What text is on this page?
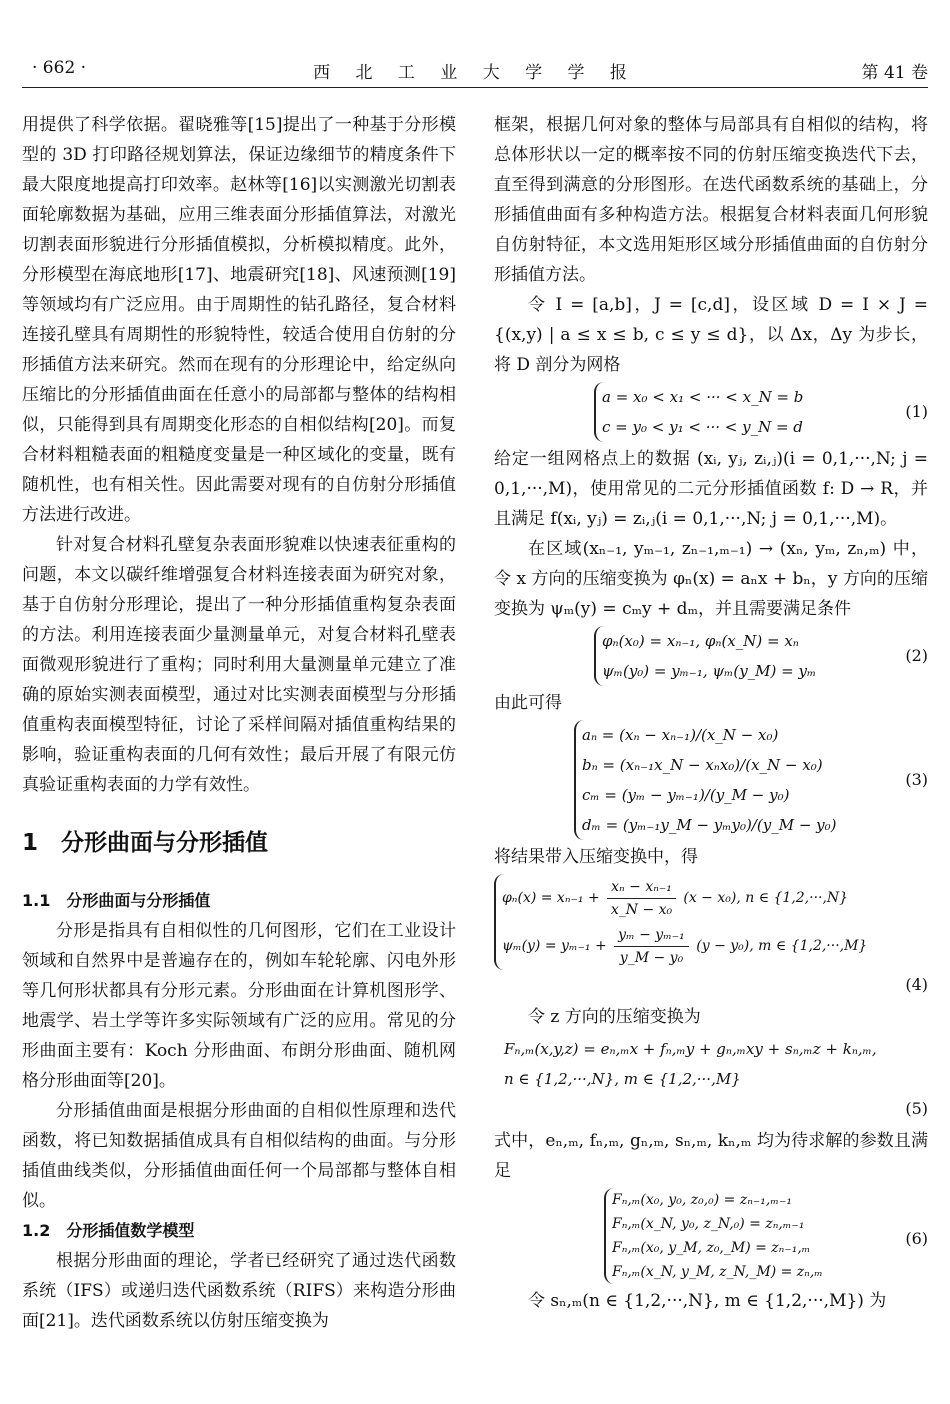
· 662 ·	西 北 工 业 大 学 学 报	第 41 卷

用提供了科学依据。翟晓雅等[15]提出了一种基于分形模型的 3D 打印路径规划算法，保证边缘细节的精度条件下最大限度地提高打印效率。赵林等[16]以实测激光切割表面轮廓数据为基础，应用三维表面分形插值算法，对激光切割表面形貌进行分形插值模拟，分析模拟精度。此外，分形模型在海底地形[17]、地震研究[18]、风速预测[19]等领域均有广泛应用。由于周期性的钻孔路径，复合材料连接孔壁具有周期性的形貌特性，较适合使用自仿射的分形插值方法来研究。然而在现有的分形理论中，给定纵向压缩比的分形插值曲面在任意小的局部都与整体的结构相似，只能得到具有周期变化形态的自相似结构[20]。而复合材料粗糙表面的粗糙度变量是一种区域化的变量，既有随机性，也有相关性。因此需要对现有的自仿射分形插值方法进行改进。

针对复合材料孔壁复杂表面形貌难以快速表征重构的问题，本文以碳纤维增强复合材料连接表面为研究对象，基于自仿射分形理论，提出了一种分形插值重构复杂表面的方法。利用连接表面少量测量单元，对复合材料孔壁表面微观形貌进行了重构；同时利用大量测量单元建立了准确的原始实测表面模型，通过对比实测表面模型与分形插值重构表面模型特征，讨论了采样间隔对插值重构结果的影响，验证重构表面的几何有效性；最后开展了有限元仿真验证重构表面的力学有效性。

1　分形曲面与分形插值
1.1　分形曲面与分形插值

分形是指具有自相似性的几何图形，它们在工业设计领域和自然界中是普遍存在的，例如车轮轮廓、闪电外形等几何形状都具有分形元素。分形曲面在计算机图形学、地震学、岩土学等许多实际领域有广泛的应用。常见的分形曲面主要有：Koch 分形曲面、布朗分形曲面、随机网格分形曲面等[20]。

分形插值曲面是根据分形曲面的自相似性原理和迭代函数，将已知数据插值成具有自相似结构的曲面。与分形插值曲线类似，分形插值曲面任何一个局部都与整体自相似。

1.2　分形插值数学模型

根据分形曲面的理论，学者已经研究了通过迭代函数系统（IFS）或递归迭代函数系统（RIFS）来构造分形曲面[21]。迭代函数系统以仿射压缩变换为

框架，根据几何对象的整体与局部具有自相似的结构，将总体形状以一定的概率按不同的仿射压缩变换迭代下去，直至得到满意的分形图形。在迭代函数系统的基础上，分形插值曲面有多种构造方法。根据复合材料表面几何形貌自仿射特征，本文选用矩形区域分形插值曲面的自仿射分形插值方法。

令 I = [a,b]，J = [c,d]，设区域 D = I × J = {(x,y) | a ≤ x ≤ b, c ≤ y ≤ d}，以 Δx，Δy 为步长，将 D 剖分为网格

a = x₀ < x₁ < ··· < x_N = b
c = y₀ < y₁ < ··· < y_N = d
(1)

给定一组网格点上的数据 (xᵢ, yⱼ, zᵢ,ⱼ)(i = 0,1,···,N; j = 0,1,···,M)，使用常见的二元分形插值函数 f: D → R，并且满足 f(xᵢ, yⱼ) = zᵢ,ⱼ(i = 0,1,···,N; j = 0,1,···,M)。

在区域(xₙ₋₁, yₘ₋₁, zₙ₋₁,ₘ₋₁) → (xₙ, yₘ, zₙ,ₘ) 中，令 x 方向的压缩变换为 φₙ(x) = aₙx + bₙ，y 方向的压缩变换为 ψₘ(y) = cₘy + dₘ，并且需要满足条件

φₙ(x₀) = xₙ₋₁, φₙ(x_N) = xₙ
ψₘ(y₀) = yₘ₋₁, ψₘ(y_M) = yₘ
(2)

由此可得

aₙ = (xₙ − xₙ₋₁)/(x_N − x₀)
bₙ = (xₙ₋₁x_N − xₙx₀)/(x_N − x₀)
cₘ = (yₘ − yₘ₋₁)/(y_M − y₀)
dₘ = (yₘ₋₁y_M − yₘy₀)/(y_M − y₀)
(3)

将结果带入压缩变换中，得

$\varphi_n(x) = x_{n-1} + \frac{\text{xₙ − xₙ₋₁}}{\text{x\_N − x₀}} (x - x_0)$, n ∈ {1,2,···,N}
$\psi_m(y) = y_{m-1} + \frac{\text{yₘ − yₘ₋₁}}{\text{y\_M − y₀}} (y - y_0)$, m ∈ {1,2,···,M}
(4)

令 z 方向的压缩变换为

Fₙ,ₘ(x,y,z) = eₙ,ₘx + fₙ,ₘy + gₙ,ₘxy + sₙ,ₘz + kₙ,ₘ,
n ∈ {1,2,···,N}, m ∈ {1,2,···,M}
(5)

式中，eₙ,ₘ, fₙ,ₘ, gₙ,ₘ, sₙ,ₘ, kₙ,ₘ 均为待求解的参数且满足

Fₙ,ₘ(x₀, y₀, z₀,₀) = zₙ₋₁,ₘ₋₁
Fₙ,ₘ(x_N, y₀, z_N,₀) = zₙ,ₘ₋₁
Fₙ,ₘ(x₀, y_M, z₀,_M) = zₙ₋₁,ₘ
Fₙ,ₘ(x_N, y_M, z_N,_M) = zₙ,ₘ
(6)

令 sₙ,ₘ(n ∈ {1,2,···,N}, m ∈ {1,2,···,M}) 为
